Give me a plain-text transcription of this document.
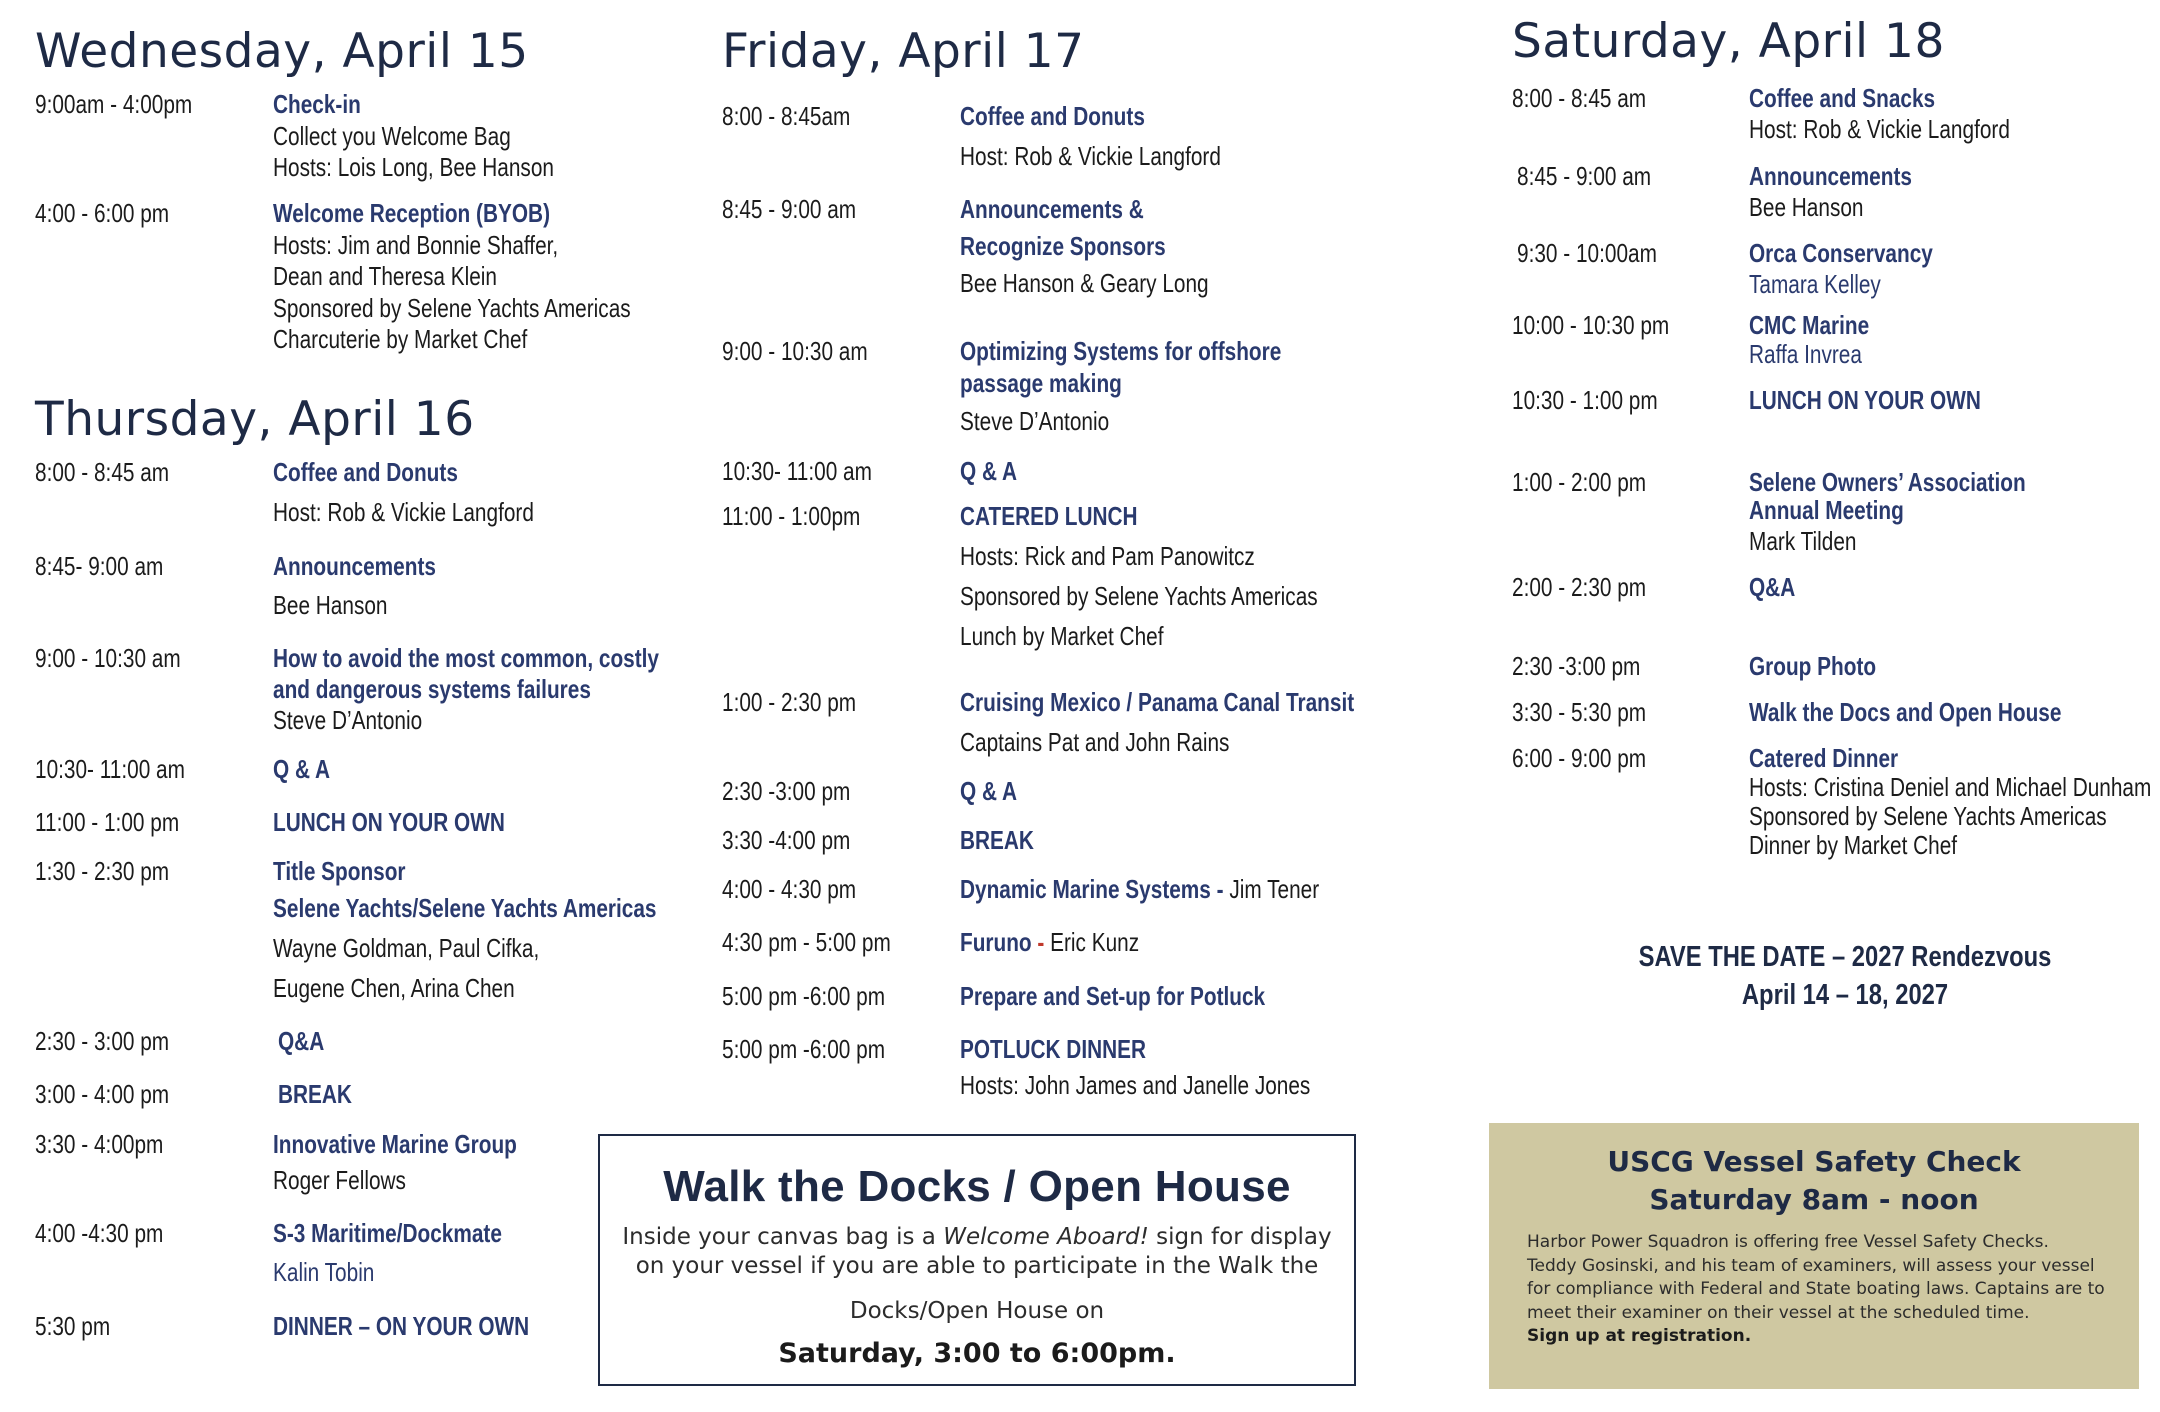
Wednesday, April 15
9:00am - 4:00pm	Check-in
Collect you Welcome Bag
Hosts: Lois Long, Bee Hanson
4:00 - 6:00 pm	Welcome Reception (BYOB)
Hosts: Jim and Bonnie Shaffer,
Dean and Theresa Klein
Sponsored by Selene Yachts Americas
Charcuterie by Market Chef
Thursday, April 16
8:00 - 8:45 am	Coffee and Donuts
Host: Rob & Vickie Langford
8:45- 9:00 am	Announcements
Bee Hanson
9:00 - 10:30 am	How to avoid the most common, costly
and dangerous systems failures
Steve D’Antonio
10:30- 11:00 am	Q & A
11:00 - 1:00 pm	LUNCH ON YOUR OWN
1:30 - 2:30 pm	Title Sponsor
Selene Yachts/Selene Yachts Americas
Wayne Goldman, Paul Cifka,
Eugene Chen, Arina Chen
2:30 - 3:00 pm	Q&A
3:00 - 4:00 pm	BREAK
3:30 - 4:00pm	Innovative Marine Group
Roger Fellows
4:00 -4:30 pm	S-3 Maritime/Dockmate
Kalin Tobin
5:30 pm	DINNER – ON YOUR OWN
Friday, April 17
8:00 - 8:45am	Coffee and Donuts
Host: Rob & Vickie Langford
8:45 - 9:00 am	Announcements &
Recognize Sponsors
Bee Hanson & Geary Long
9:00 - 10:30 am	Optimizing Systems for offshore
passage making
Steve D’Antonio
10:30- 11:00 am	Q & A
11:00 - 1:00pm	CATERED LUNCH
Hosts: Rick and Pam Panowitcz
Sponsored by Selene Yachts Americas
Lunch by Market Chef
1:00 - 2:30 pm	Cruising Mexico / Panama Canal Transit
Captains Pat and John Rains
2:30 -3:00 pm	Q & A
3:30 -4:00 pm	BREAK
4:00 - 4:30 pm	Dynamic Marine Systems - Jim Tener
4:30 pm - 5:00 pm	Furuno - Eric Kunz
5:00 pm -6:00 pm	Prepare and Set-up for Potluck
5:00 pm -6:00 pm	POTLUCK DINNER
Hosts: John James and Janelle Jones
Saturday, April 18
8:00 - 8:45 am	Coffee and Snacks
Host: Rob & Vickie Langford
8:45 - 9:00 am	Announcements
Bee Hanson
9:30 - 10:00am	Orca Conservancy
Tamara Kelley
10:00 - 10:30 pm	CMC Marine
Raffa Invrea
10:30 - 1:00 pm	LUNCH ON YOUR OWN
1:00 - 2:00 pm	Selene Owners’ Association
Annual Meeting
Mark Tilden
2:00 - 2:30 pm	Q&A
2:30 -3:00 pm	Group Photo
3:30 - 5:30 pm	Walk the Docs and Open House
6:00 - 9:00 pm	Catered Dinner
Hosts: Cristina Deniel and Michael Dunham
Sponsored by Selene Yachts Americas
Dinner by Market Chef
SAVE THE DATE – 2027 Rendezvous
April 14 – 18, 2027
Walk the Docks / Open House
Inside your canvas bag is a Welcome Aboard! sign for display
on your vessel if you are able to participate in the Walk the
Docks/Open House on
Saturday, 3:00 to 6:00pm.
USCG Vessel Safety Check
Saturday 8am - noon
Harbor Power Squadron is offering free Vessel Safety Checks.
Teddy Gosinski, and his team of examiners, will assess your vessel
for compliance with Federal and State boating laws. Captains are to
meet their examiner on their vessel at the scheduled time.
Sign up at registration.
